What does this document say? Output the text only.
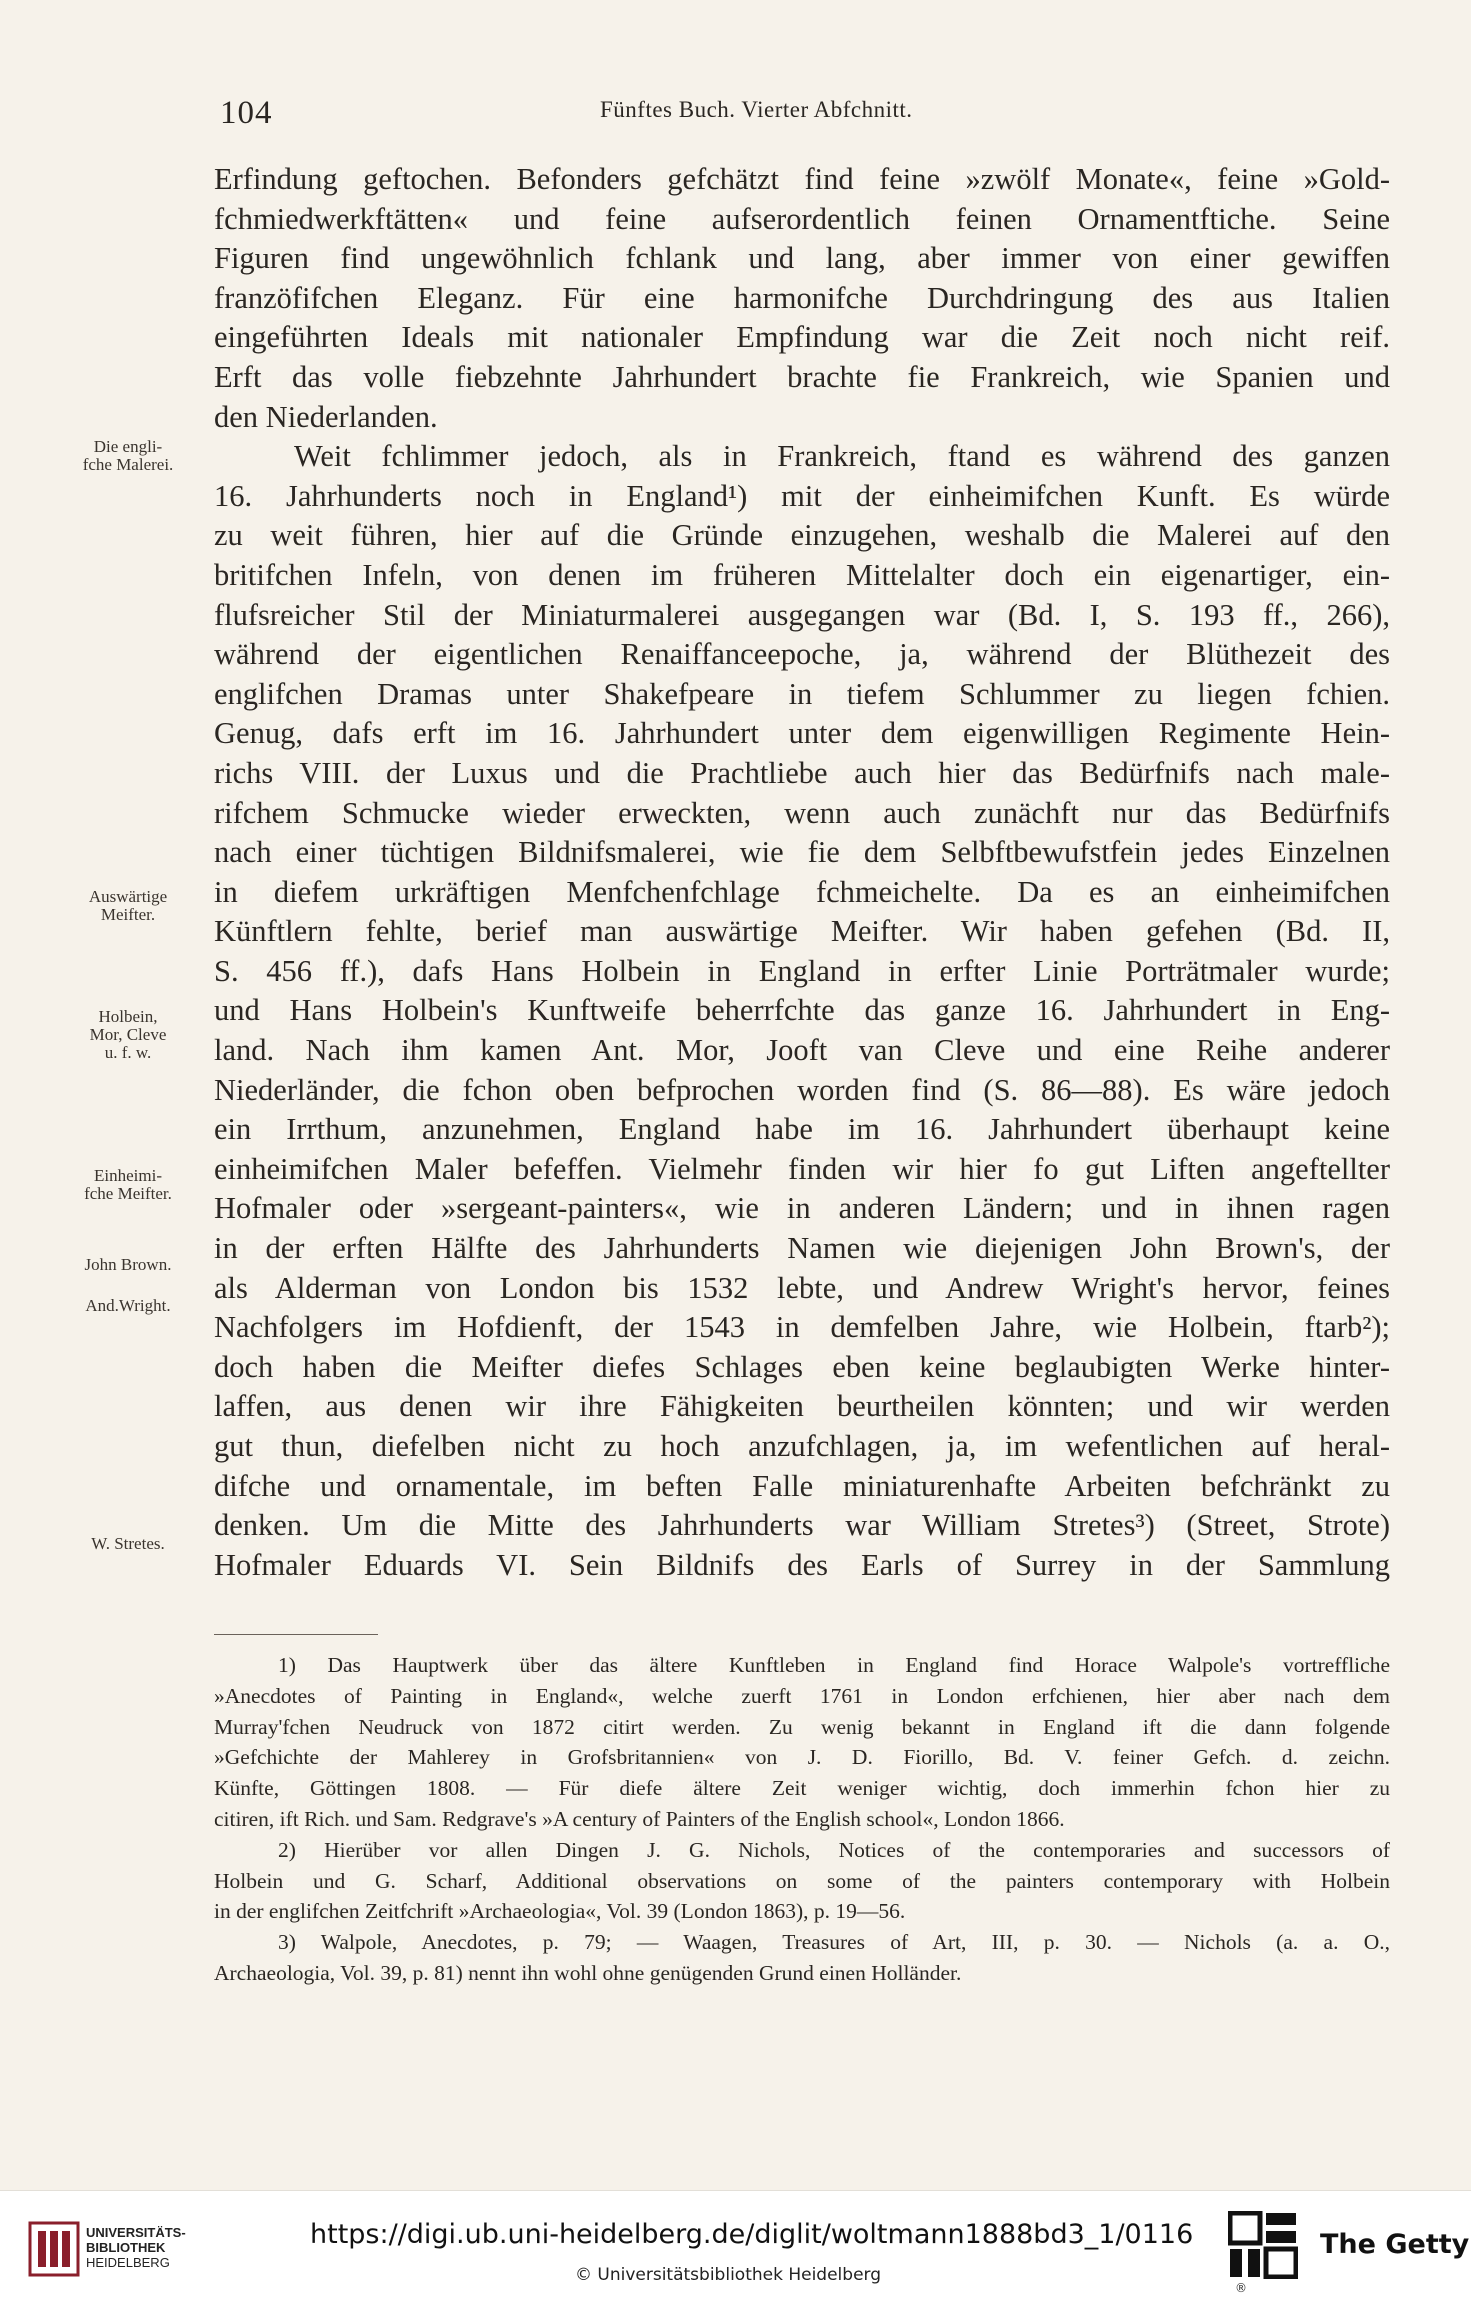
104	Fünftes Buch. Vierter Abfchnitt.
Die engli-
fche Malerei.
Auswärtige
Meifter.
Holbein,
Mor, Cleve
u. f. w.
Einheimi-
fche Meifter.
John Brown.
And.Wright.
W. Stretes.
Erfindung geftochen. Befonders gefchätzt find feine »zwölf Monate«, feine »Gold-
fchmiedwerkftätten« und feine aufserordentlich feinen Ornamentftiche. Seine
Figuren find ungewöhnlich fchlank und lang, aber immer von einer gewiffen
franzöfifchen Eleganz. Für eine harmonifche Durchdringung des aus Italien
eingeführten Ideals mit nationaler Empfindung war die Zeit noch nicht reif.
Erft das volle fiebzehnte Jahrhundert brachte fie Frankreich, wie Spanien und
den Niederlanden.
Weit fchlimmer jedoch, als in Frankreich, ftand es während des ganzen
16. Jahrhunderts noch in England¹) mit der einheimifchen Kunft. Es würde
zu weit führen, hier auf die Gründe einzugehen, weshalb die Malerei auf den
britifchen Infeln, von denen im früheren Mittelalter doch ein eigenartiger, ein-
flufsreicher Stil der Miniaturmalerei ausgegangen war (Bd. I, S. 193 ff., 266),
während der eigentlichen Renaiffanceepoche, ja, während der Blüthezeit des
englifchen Dramas unter Shakefpeare in tiefem Schlummer zu liegen fchien.
Genug, dafs erft im 16. Jahrhundert unter dem eigenwilligen Regimente Hein-
richs VIII. der Luxus und die Prachtliebe auch hier das Bedürfnifs nach male-
rifchem Schmucke wieder erweckten, wenn auch zunächft nur das Bedürfnifs
nach einer tüchtigen Bildnifsmalerei, wie fie dem Selbftbewufstfein jedes Einzelnen
in diefem urkräftigen Menfchenfchlage fchmeichelte. Da es an einheimifchen
Künftlern fehlte, berief man auswärtige Meifter. Wir haben gefehen (Bd. II,
S. 456 ff.), dafs Hans Holbein in England in erfter Linie Porträtmaler wurde;
und Hans Holbein's Kunftweife beherrfchte das ganze 16. Jahrhundert in Eng-
land. Nach ihm kamen Ant. Mor, Jooft van Cleve und eine Reihe anderer
Niederländer, die fchon oben befprochen worden find (S. 86—88). Es wäre jedoch
ein Irrthum, anzunehmen, England habe im 16. Jahrhundert überhaupt keine
einheimifchen Maler befeffen. Vielmehr finden wir hier fo gut Liften angeftellter
Hofmaler oder »sergeant-painters«, wie in anderen Ländern; und in ihnen ragen
in der erften Hälfte des Jahrhunderts Namen wie diejenigen John Brown's, der
als Alderman von London bis 1532 lebte, und Andrew Wright's hervor, feines
Nachfolgers im Hofdienft, der 1543 in demfelben Jahre, wie Holbein, ftarb²);
doch haben die Meifter diefes Schlages eben keine beglaubigten Werke hinter-
laffen, aus denen wir ihre Fähigkeiten beurtheilen könnten; und wir werden
gut thun, diefelben nicht zu hoch anzufchlagen, ja, im wefentlichen auf heral-
difche und ornamentale, im beften Falle miniaturenhafte Arbeiten befchränkt zu
denken. Um die Mitte des Jahrhunderts war William Stretes³) (Street, Strote)
Hofmaler Eduards VI. Sein Bildnifs des Earls of Surrey in der Sammlung
1) Das Hauptwerk über das ältere Kunftleben in England find Horace Walpole's vortreffliche
»Anecdotes of Painting in England«, welche zuerft 1761 in London erfchienen, hier aber nach dem
Murray'fchen Neudruck von 1872 citirt werden. Zu wenig bekannt in England ift die dann folgende
»Gefchichte der Mahlerey in Grofsbritannien« von J. D. Fiorillo, Bd. V. feiner Gefch. d. zeichn.
Künfte, Göttingen 1808. — Für diefe ältere Zeit weniger wichtig, doch immerhin fchon hier zu
citiren, ift Rich. und Sam. Redgrave's »A century of Painters of the English school«, London 1866.
2) Hierüber vor allen Dingen J. G. Nichols, Notices of the contemporaries and successors of
Holbein und G. Scharf, Additional observations on some of the painters contemporary with Holbein
in der englifchen Zeitfchrift »Archaeologia«, Vol. 39 (London 1863), p. 19—56.
3) Walpole, Anecdotes, p. 79; — Waagen, Treasures of Art, III, p. 30. — Nichols (a. a. O.,
Archaeologia, Vol. 39, p. 81) nennt ihn wohl ohne genügenden Grund einen Holländer.
UNIVERSITÄTS-
BIBLIOTHEK
HEIDELBERG
https://digi.ub.uni-heidelberg.de/diglit/woltmann1888bd3_1/0116
© Universitätsbibliothek Heidelberg
The Getty
®
